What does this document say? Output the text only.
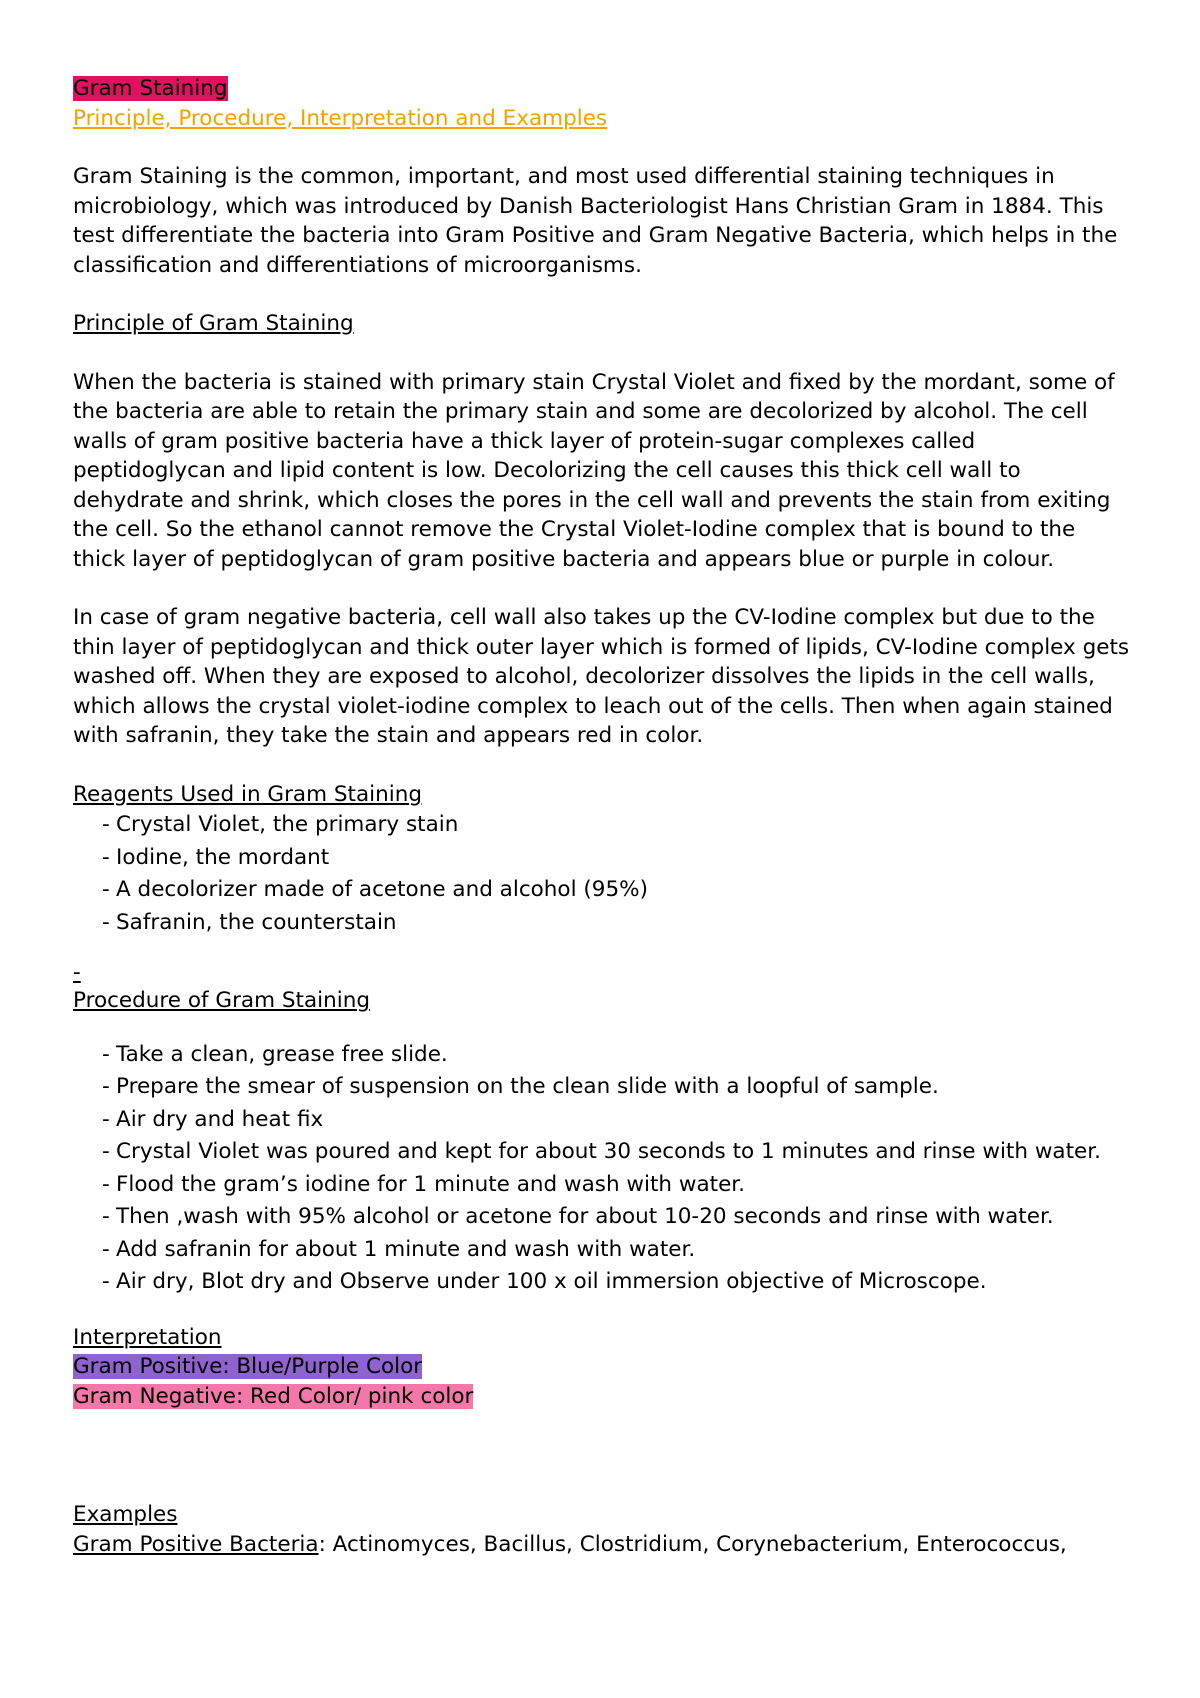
Gram Staining

Principle, Procedure, Interpretation and Examples

Gram Staining is the common, important, and most used differential staining techniques in microbiology, which was introduced by Danish Bacteriologist Hans Christian Gram in 1884. This test differentiate the bacteria into Gram Positive and Gram Negative Bacteria, which helps in the classification and differentiations of microorganisms.

Principle of Gram Staining

When the bacteria is stained with primary stain Crystal Violet and fixed by the mordant, some of the bacteria are able to retain the primary stain and some are decolorized by alcohol. The cell walls of gram positive bacteria have a thick layer of protein-sugar complexes called peptidoglycan and lipid content is low. Decolorizing the cell causes this thick cell wall to dehydrate and shrink, which closes the pores in the cell wall and prevents the stain from exiting the cell. So the ethanol cannot remove the Crystal Violet-Iodine complex that is bound to the thick layer of peptidoglycan of gram positive bacteria and appears blue or purple in colour.

In case of gram negative bacteria, cell wall also takes up the CV-Iodine complex but due to the thin layer of peptidoglycan and thick outer layer which is formed of lipids, CV-Iodine complex gets washed off. When they are exposed to alcohol, decolorizer dissolves the lipids in the cell walls, which allows the crystal violet-iodine complex to leach out of the cells. Then when again stained with safranin, they take the stain and appears red in color.

Reagents Used in Gram Staining
- Crystal Violet, the primary stain
- Iodine, the mordant
- A decolorizer made of acetone and alcohol (95%)
- Safranin, the counterstain
-
Procedure of Gram Staining
- Take a clean, grease free slide.
- Prepare the smear of suspension on the clean slide with a loopful of sample.
- Air dry and heat fix
- Crystal Violet was poured and kept for about 30 seconds to 1 minutes and rinse with water.
- Flood the gram’s iodine for 1 minute and wash with water.
- Then ,wash with 95% alcohol or acetone for about 10-20 seconds and rinse with water.
- Add safranin for about 1 minute and wash with water.
- Air dry, Blot dry and Observe under 100 x oil immersion objective of Microscope.
Interpretation

Gram Positive: Blue/Purple Color

Gram Negative: Red Color/ pink color

Examples

Gram Positive Bacteria: Actinomyces, Bacillus, Clostridium, Corynebacterium, Enterococcus,
